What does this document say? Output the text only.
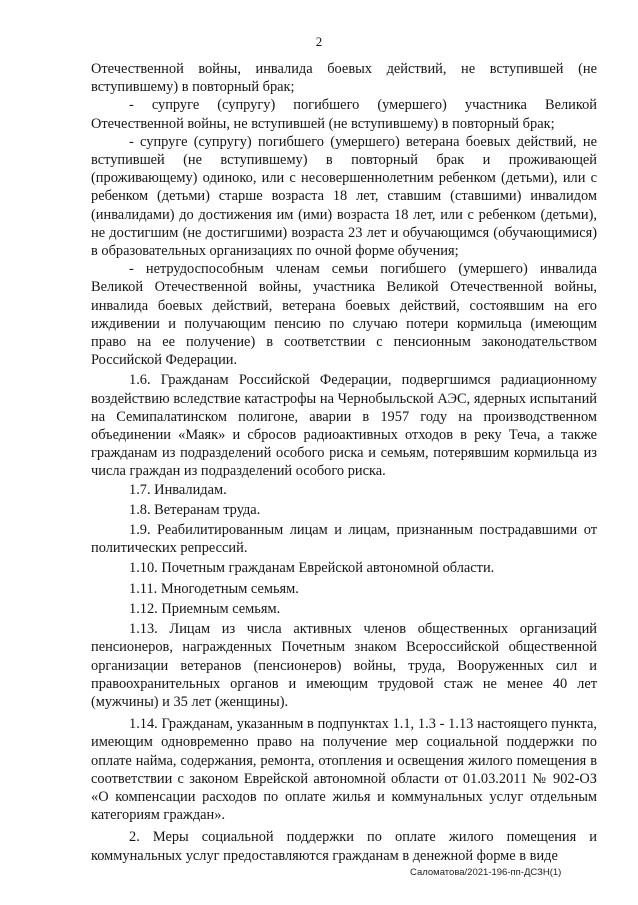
2

Отечественной войны, инвалида боевых действий, не вступившей (не вступившему) в повторный брак;

- супруге (супругу) погибшего (умершего) участника Великой Отечественной войны, не вступившей (не вступившему) в повторный брак;

- супруге (супругу) погибшего (умершего) ветерана боевых действий, не вступившей (не вступившему) в повторный брак и проживающей (проживающему) одиноко, или с несовершеннолетним ребенком (детьми), или с ребенком (детьми) старше возраста 18 лет, ставшим (ставшими) инвалидом (инвалидами) до достижения им (ими) возраста 18 лет, или с ребенком (детьми), не достигшим (не достигшими) возраста 23 лет и обучающимся (обучающимися) в образовательных организациях по очной форме обучения;

- нетрудоспособным членам семьи погибшего (умершего) инвалида Великой Отечественной войны, участника Великой Отечественной войны, инвалида боевых действий, ветерана боевых действий, состоявшим на его иждивении и получающим пенсию по случаю потери кормильца (имеющим право на ее получение) в соответствии с пенсионным законодательством Российской Федерации.

1.6. Гражданам Российской Федерации, подвергшимся радиационному воздействию вследствие катастрофы на Чернобыльской АЭС, ядерных испытаний на Семипалатинском полигоне, аварии в 1957 году на производственном объединении «Маяк» и сбросов радиоактивных отходов в реку Теча, а также гражданам из подразделений особого риска и семьям, потерявшим кормильца из числа граждан из подразделений особого риска.

1.7. Инвалидам.

1.8. Ветеранам труда.

1.9. Реабилитированным лицам и лицам, признанным пострадавшими от политических репрессий.

1.10. Почетным гражданам Еврейской автономной области.

1.11. Многодетным семьям.

1.12. Приемным семьям.

1.13. Лицам из числа активных членов общественных организаций пенсионеров, награжденных Почетным знаком Всероссийской общественной организации ветеранов (пенсионеров) войны, труда, Вооруженных сил и правоохранительных органов и имеющим трудовой стаж не менее 40 лет (мужчины) и 35 лет (женщины).

1.14. Гражданам, указанным в подпунктах 1.1, 1.3 - 1.13 настоящего пункта, имеющим одновременно право на получение мер социальной поддержки по оплате найма, содержания, ремонта, отопления и освещения жилого помещения в соответствии с законом Еврейской автономной области от 01.03.2011 № 902-ОЗ «О компенсации расходов по оплате жилья и коммунальных услуг отдельным категориям граждан».

2. Меры социальной поддержки по оплате жилого помещения и коммунальных услуг предоставляются гражданам в денежной форме в виде

Саломатова/2021-196-пп-ДСЗН(1)
